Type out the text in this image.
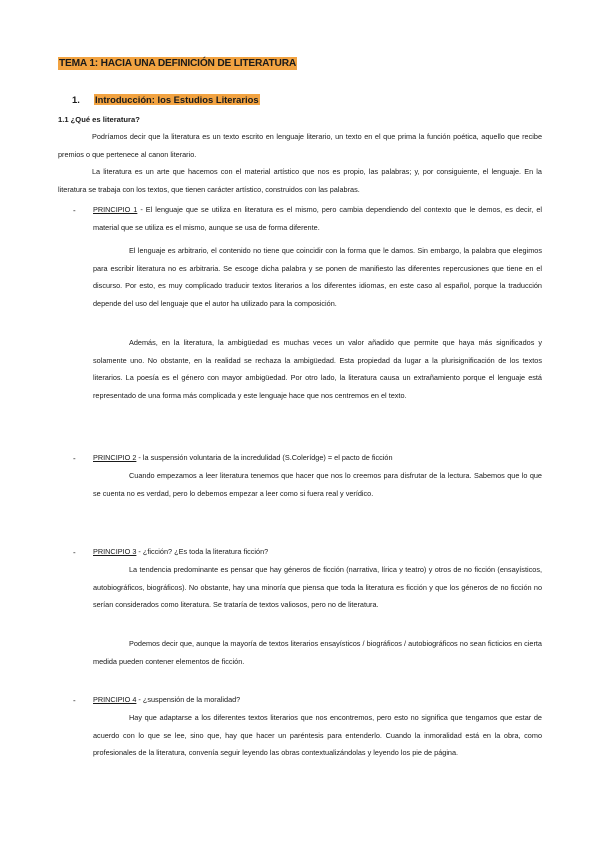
TEMA 1: HACIA UNA DEFINICIÓN DE LITERATURA
1. Introducción: los Estudios Literarios
1.1 ¿Qué es literatura?
Podríamos decir que la literatura es un texto escrito en lenguaje literario, un texto en el que prima la función poética, aquello que recibe premios o que pertenece al canon literario.
La literatura es un arte que hacemos con el material artístico que nos es propio, las palabras; y, por consiguiente, el lenguaje. En la literatura se trabaja con los textos, que tienen carácter artístico, construidos con las palabras.
- PRINCIPIO 1 - El lenguaje que se utiliza en literatura es el mismo, pero cambia dependiendo del contexto que le demos, es decir, el material que se utiliza es el mismo, aunque se usa de forma diferente.
El lenguaje es arbitrario, el contenido no tiene que coincidir con la forma que le damos. Sin embargo, la palabra que elegimos para escribir literatura no es arbitraria. Se escoge dicha palabra y se ponen de manifiesto las diferentes repercusiones que tiene en el discurso. Por esto, es muy complicado traducir textos literarios a los diferentes idiomas, en este caso al español, porque la traducción depende del uso del lenguaje que el autor ha utilizado para la composición.
Además, en la literatura, la ambigüedad es muchas veces un valor añadido que permite que haya más significados y solamente uno. No obstante, en la realidad se rechaza la ambigüedad. Esta propiedad da lugar a la plurisignificación de los textos literarios. La poesía es el género con mayor ambigüedad. Por otro lado, la literatura causa un extrañamiento porque el lenguaje está representado de una forma más complicada y este lenguaje hace que nos centremos en el texto.
- PRINCIPIO 2 - la suspensión voluntaria de la incredulidad (S.Colerídge) = el pacto de ficción
Cuando empezamos a leer literatura tenemos que hacer que nos lo creemos para disfrutar de la lectura. Sabemos que lo que se cuenta no es verdad, pero lo debemos empezar a leer como si fuera real y verídico.
- PRINCIPIO 3 - ¿ficción? ¿Es toda la literatura ficción?
La tendencia predominante es pensar que hay géneros de ficción (narrativa, lírica y teatro) y otros de no ficción (ensayísticos, autobiográficos, biográficos). No obstante, hay una minoría que piensa que toda la literatura es ficción y que los géneros de no ficción no serían considerados como literatura. Se trataría de textos valiosos, pero no de literatura.
Podemos decir que, aunque la mayoría de textos literarios ensayísticos / biográficos / autobiográficos no sean ficticios en cierta medida pueden contener elementos de ficción.
- PRINCIPIO 4 - ¿suspensión de la moralidad?
Hay que adaptarse a los diferentes textos literarios que nos encontremos, pero esto no significa que tengamos que estar de acuerdo con lo que se lee, sino que, hay que hacer un paréntesis para entenderlo. Cuando la inmoralidad está en la obra, como profesionales de la literatura, convenía seguir leyendo las obras contextualizándolas y leyendo los pie de página.
